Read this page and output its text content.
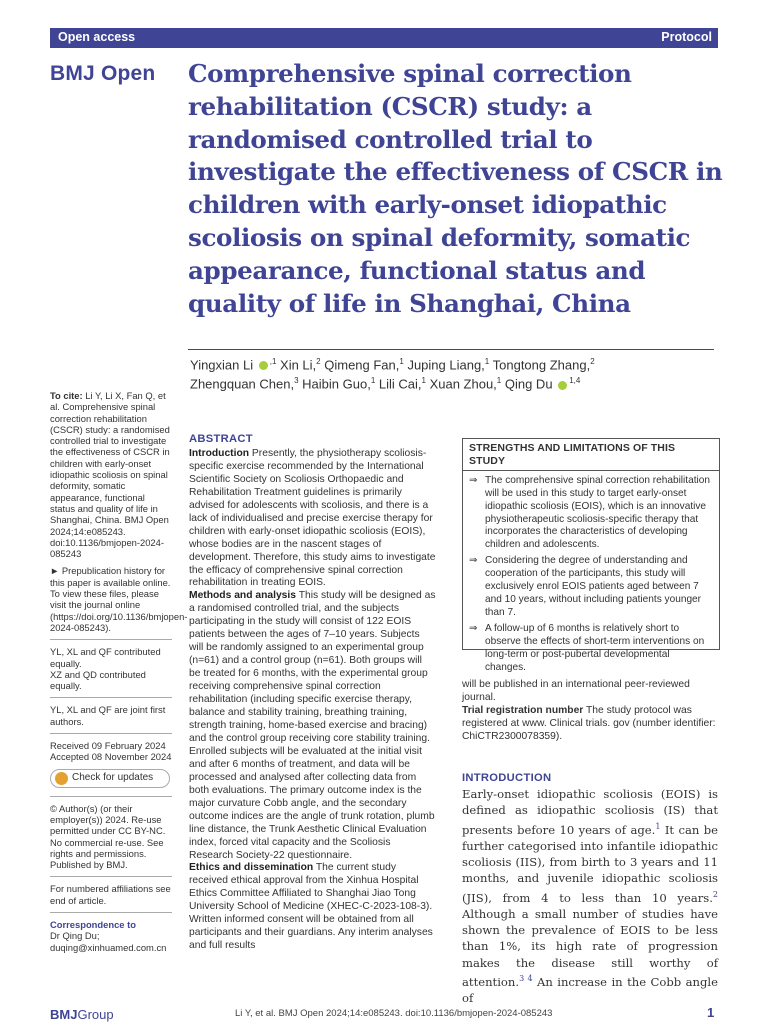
Open access	Protocol
BMJ Open Comprehensive spinal correction rehabilitation (CSCR) study: a randomised controlled trial to investigate the effectiveness of CSCR in children with early-onset idiopathic scoliosis on spinal deformity, somatic appearance, functional status and quality of life in Shanghai, China
Yingxian Li $^{,1}$ Xin Li,$^2$ Qimeng Fan,$^1$ Juping Liang,$^1$ Tongtong Zhang,$^2$
Zhengquan Chen,$^3$ Haibin Guo,$^1$ Lili Cai,$^1$ Xuan Zhou,$^1$ Qing Du $^{1,4}$

To cite: Li Y, Li X, Fan Q, et al. Comprehensive spinal correction rehabilitation (CSCR) study: a randomised controlled trial to investigate the effectiveness of CSCR in children with early-onset idiopathic scoliosis on spinal deformity, somatic appearance, functional status and quality of life in Shanghai, China. BMJ Open 2024;14:e085243. doi:10.1136/bmjopen-2024-085243

► Prepublication history for this paper is available online. To view these files, please visit the journal online (https://doi.org/10.1136/bmjopen-2024-085243).

YL, XL and QF contributed equally.
XZ and QD contributed equally.

YL, XL and QF are joint first authors.

Received 09 February 2024
Accepted 08 November 2024

Check for updates

© Author(s) (or their employer(s)) 2024. Re-use permitted under CC BY-NC. No commercial re-use. See rights and permissions. Published by BMJ.

For numbered affiliations see end of article.

Correspondence to
Dr Qing Du;
duqing@xinhuamed.com.cn

ABSTRACT
Introduction Presently, the physiotherapy scoliosis-specific exercise recommended by the International Scientific Society on Scoliosis Orthopaedic and Rehabilitation Treatment guidelines is primarily advised for adolescents with scoliosis, and there is a lack of individualised and precise exercise therapy for children with early-onset idiopathic scoliosis (EOIS), whose bodies are in the nascent stages of development. Therefore, this study aims to investigate the efficacy of comprehensive spinal correction rehabilitation in treating EOIS.
Methods and analysis This study will be designed as a randomised controlled trial, and the subjects participating in the study will consist of 122 EOIS patients between the ages of 7–10 years. Subjects will be randomly assigned to an experimental group (n=61) and a control group (n=61). Both groups will be treated for 6 months, with the experimental group receiving comprehensive spinal correction rehabilitation (including specific exercise therapy, balance and stability training, breathing training, strength training, home-based exercise and bracing) and the control group receiving core stability training. Enrolled subjects will be evaluated at the initial visit and after 6 months of treatment, and data will be processed and analysed after collecting data from both evaluations. The primary outcome index is the major curvature Cobb angle, and the secondary outcome indices are the angle of trunk rotation, plumb line distance, the Trunk Aesthetic Clinical Evaluation index, forced vital capacity and the Scoliosis Research Society-22 questionnaire.
Ethics and dissemination The current study received ethical approval from the Xinhua Hospital Ethics Committee Affiliated to Shanghai Jiao Tong University School of Medicine (XHEC-C-2023-108-3). Written informed consent will be obtained from all participants and their guardians. Any interim analyses and full results
STRENGTHS AND LIMITATIONS OF THIS STUDY
⇒ The comprehensive spinal correction rehabilitation will be used in this study to target early-onset idiopathic scoliosis (EOIS), which is an innovative physiotherapeutic scoliosis-specific therapy that incorporates the characteristics of developing children and adolescents.
⇒ Considering the degree of understanding and cooperation of the participants, this study will exclusively enrol EOIS patients aged between 7 and 10 years, without including patients younger than 7.
⇒ A follow-up of 6 months is relatively short to observe the effects of short-term interventions on long-term or post-pubertal developmental changes.
will be published in an international peer-reviewed journal.
Trial registration number The study protocol was registered at www. Clinical trials. gov (number identifier: ChiCTR2300078359).
INTRODUCTION
Early-onset idiopathic scoliosis (EOIS) is defined as idiopathic scoliosis (IS) that presents before 10 years of age.$^1$ It can be further categorised into infantile idiopathic scoliosis (IIS), from birth to 3 years and 11 months, and juvenile idiopathic scoliosis (JIS), from 4 to less than 10 years.$^2$ Although a small number of studies have shown the prevalence of EOIS to be less than 1%, its high rate of progression makes the disease still worthy of attention.$^{3 4}$ An increase in the Cobb angle of
BMJGroup	Li Y, et al. BMJ Open 2024;14:e085243. doi:10.1136/bmjopen-2024-085243	1
